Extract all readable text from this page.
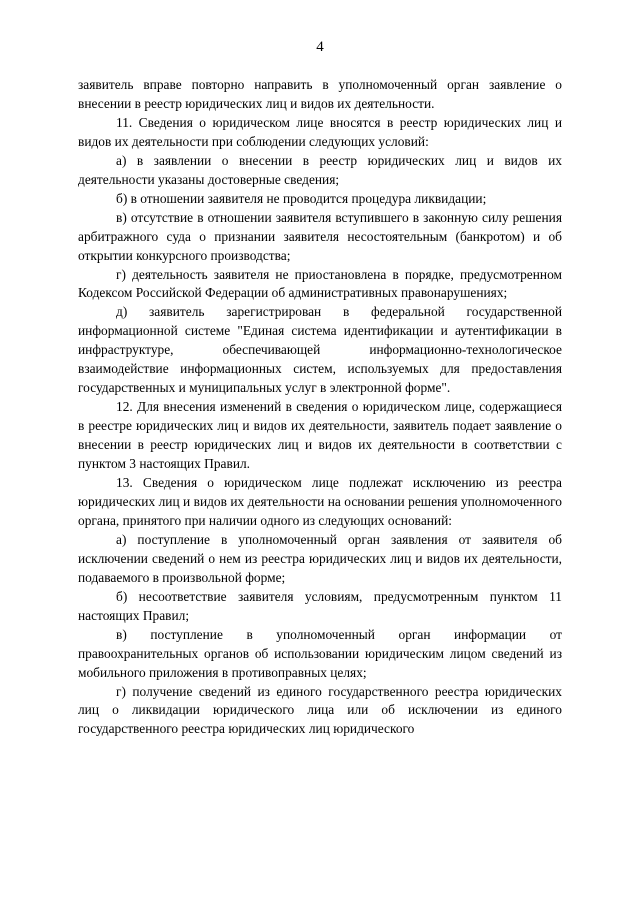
4

заявитель вправе повторно направить в уполномоченный орган заявление о внесении в реестр юридических лиц и видов их деятельности.

11. Сведения о юридическом лице вносятся в реестр юридических лиц и видов их деятельности при соблюдении следующих условий:

а) в заявлении о внесении в реестр юридических лиц и видов их деятельности указаны достоверные сведения;

б) в отношении заявителя не проводится процедура ликвидации;

в) отсутствие в отношении заявителя вступившего в законную силу решения арбитражного суда о признании заявителя несостоятельным (банкротом) и об открытии конкурсного производства;

г) деятельность заявителя не приостановлена в порядке, предусмотренном Кодексом Российской Федерации об административных правонарушениях;

д) заявитель зарегистрирован в федеральной государственной информационной системе "Единая система идентификации и аутентификации в инфраструктуре, обеспечивающей информационно-технологическое взаимодействие информационных систем, используемых для предоставления государственных и муниципальных услуг в электронной форме".

12. Для внесения изменений в сведения о юридическом лице, содержащиеся в реестре юридических лиц и видов их деятельности, заявитель подает заявление о внесении в реестр юридических лиц и видов их деятельности в соответствии с пунктом 3 настоящих Правил.

13. Сведения о юридическом лице подлежат исключению из реестра юридических лиц и видов их деятельности на основании решения уполномоченного органа, принятого при наличии одного из следующих оснований:

а) поступление в уполномоченный орган заявления от заявителя об исключении сведений о нем из реестра юридических лиц и видов их деятельности, подаваемого в произвольной форме;

б) несоответствие заявителя условиям, предусмотренным пунктом 11 настоящих Правил;

в) поступление в уполномоченный орган информации от правоохранительных органов об использовании юридическим лицом сведений из мобильного приложения в противоправных целях;

г) получение сведений из единого государственного реестра юридических лиц о ликвидации юридического лица или об исключении из единого государственного реестра юридических лиц юридического
